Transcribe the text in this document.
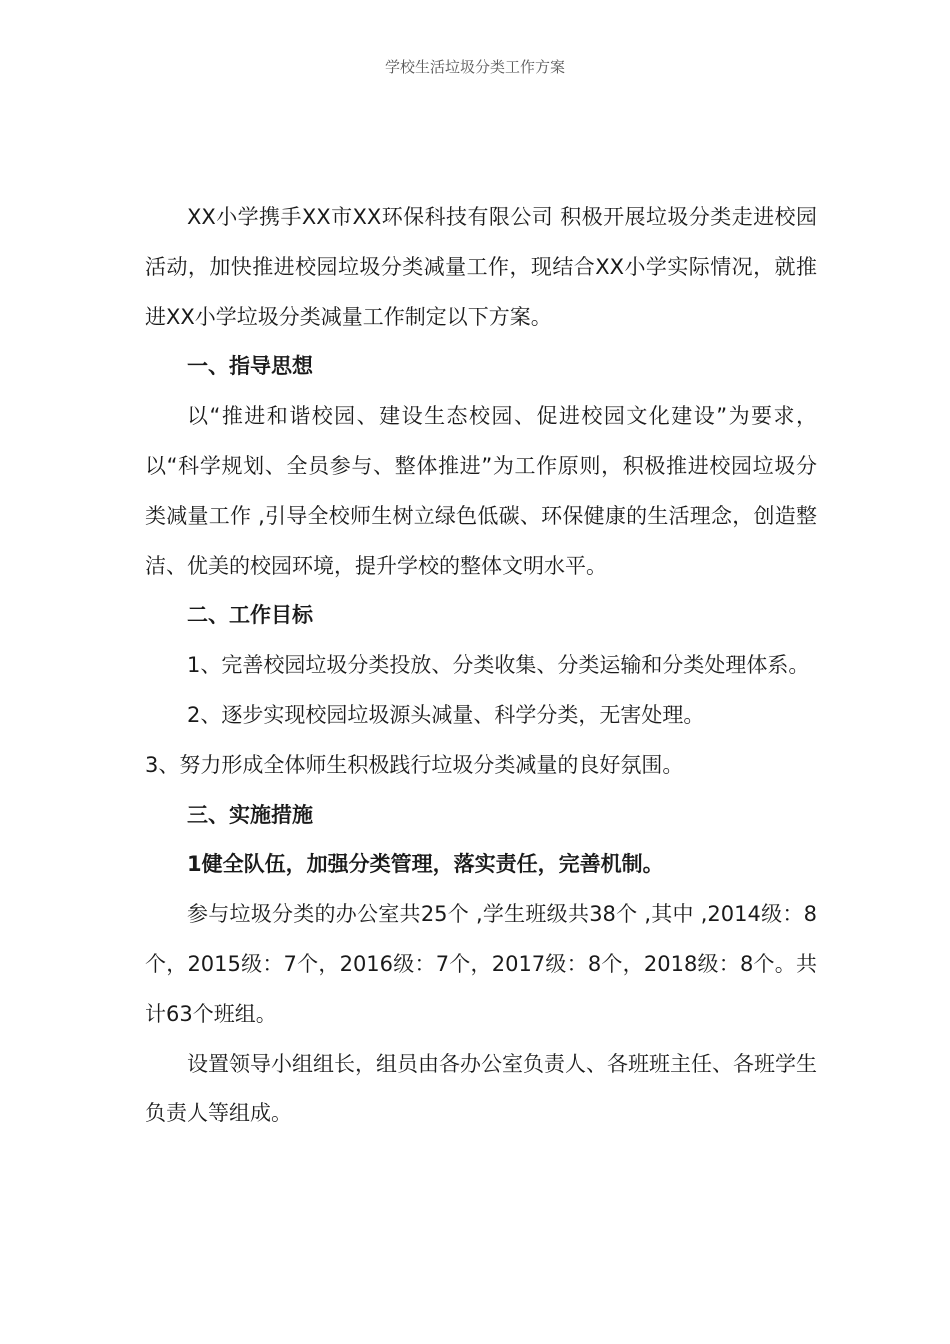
学校生活垃圾分类工作方案

XX小学携手XX市XX环保科技有限公司 积极开展垃圾分类走进校园活动，加快推进校园垃圾分类减量工作，现结合XX小学实际情况，就推进XX小学垃圾分类减量工作制定以下方案。

一、指导思想

以“推进和谐校园、建设生态校园、促进校园文化建设”为要求，以“科学规划、全员参与、整体推进”为工作原则，积极推进校园垃圾分类减量工作 ,引导全校师生树立绿色低碳、环保健康的生活理念，创造整洁、优美的校园环境，提升学校的整体文明水平。

二、工作目标

1、完善校园垃圾分类投放、分类收集、分类运输和分类处理体系。

2、逐步实现校园垃圾源头减量、科学分类，无害处理。

3、努力形成全体师生积极践行垃圾分类减量的良好氛围。

三、实施措施

1健全队伍，加强分类管理，落实责任，完善机制。

参与垃圾分类的办公室共25个 ,学生班级共38个 ,其中 ,2014级：8个，2015级：7个，2016级：7个，2017级：8个，2018级：8个。共计63个班组。

设置领导小组组长，组员由各办公室负责人、各班班主任、各班学生负责人等组成。
